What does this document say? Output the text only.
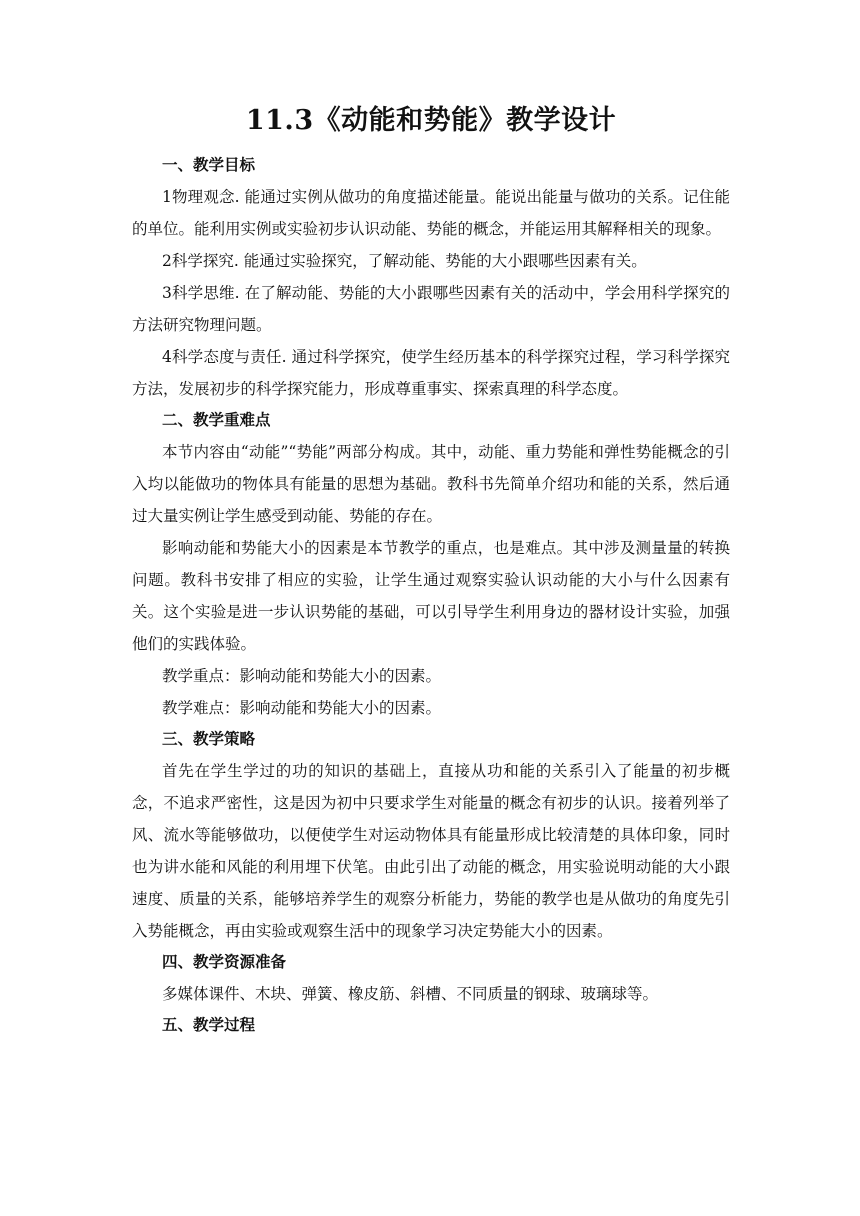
11.3《动能和势能》教学设计
一、教学目标

1物理观念. 能通过实例从做功的角度描述能量。能说出能量与做功的关系。记住能的单位。能利用实例或实验初步认识动能、势能的概念，并能运用其解释相关的现象。

2科学探究. 能通过实验探究，了解动能、势能的大小跟哪些因素有关。

3科学思维. 在了解动能、势能的大小跟哪些因素有关的活动中，学会用科学探究的方法研究物理问题。

4科学态度与责任. 通过科学探究，使学生经历基本的科学探究过程，学习科学探究方法，发展初步的科学探究能力，形成尊重事实、探索真理的科学态度。

二、教学重难点

本节内容由“动能”“势能”两部分构成。其中，动能、重力势能和弹性势能概念的引入均以能做功的物体具有能量的思想为基础。教科书先简单介绍功和能的关系，然后通过大量实例让学生感受到动能、势能的存在。

影响动能和势能大小的因素是本节教学的重点，也是难点。其中涉及测量量的转换问题。教科书安排了相应的实验，让学生通过观察实验认识动能的大小与什么因素有关。这个实验是进一步认识势能的基础，可以引导学生利用身边的器材设计实验，加强他们的实践体验。

教学重点：影响动能和势能大小的因素。

教学难点：影响动能和势能大小的因素。

三、教学策略

首先在学生学过的功的知识的基础上，直接从功和能的关系引入了能量的初步概念，不追求严密性，这是因为初中只要求学生对能量的概念有初步的认识。接着列举了风、流水等能够做功，以便使学生对运动物体具有能量形成比较清楚的具体印象，同时也为讲水能和风能的利用埋下伏笔。由此引出了动能的概念，用实验说明动能的大小跟速度、质量的关系，能够培养学生的观察分析能力，势能的教学也是从做功的角度先引入势能概念，再由实验或观察生活中的现象学习决定势能大小的因素。

四、教学资源准备

多媒体课件、木块、弹簧、橡皮筋、斜槽、不同质量的钢球、玻璃球等。

五、教学过程
